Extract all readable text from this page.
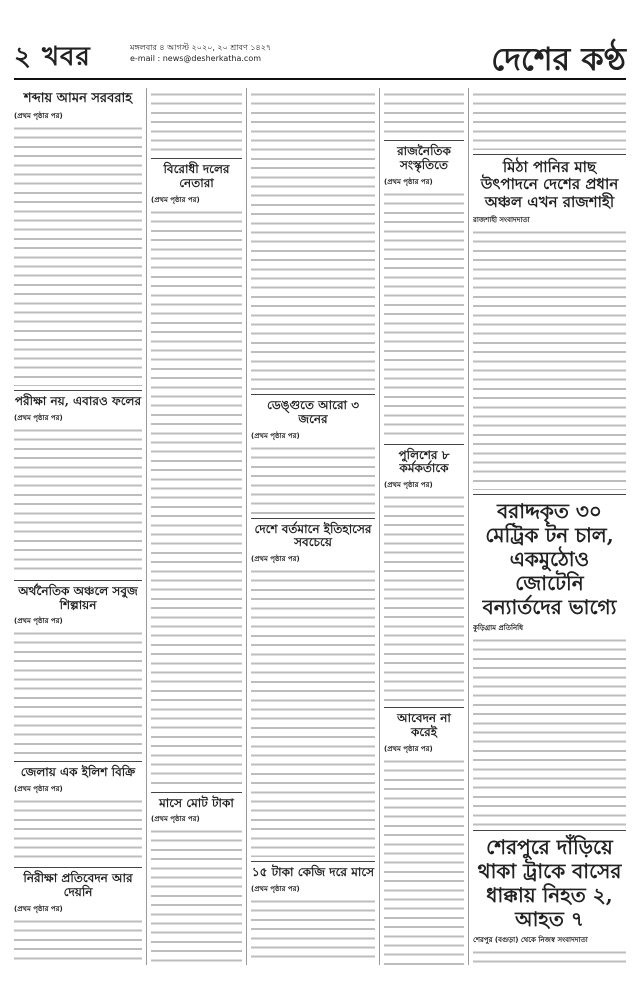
২ খবর	মঙ্গলবার ৪ আগস্ট ২০২০, ২০ শ্রাবণ ১৪২৭
e-mail : news@desherkatha.com	দেশের কণ্ঠ
শব্দায় আমন সরবরাহ
(প্রথম পৃষ্ঠার পর)
পরীক্ষা নয়, এবারও ফলের
(প্রথম পৃষ্ঠার পর)
অর্থনৈতিক অঞ্চলে সবুজ শিল্পায়ন
(প্রথম পৃষ্ঠার পর)
জেলায় এক ইলিশ বিক্রি
(প্রথম পৃষ্ঠার পর)
নিরীক্ষা প্রতিবেদন আর দেয়নি
(প্রথম পৃষ্ঠার পর)
বিরোধী দলের নেতারা
(প্রথম পৃষ্ঠার পর)
মাসে মোট টাকা
(প্রথম পৃষ্ঠার পর)
ডেঙ্গুতে আরো ৩ জনের
(প্রথম পৃষ্ঠার পর)
দেশে বর্তমানে ইতিহাসের সবচেয়ে
(প্রথম পৃষ্ঠার পর)
১৫ টাকা কেজি দরে মাসে
(প্রথম পৃষ্ঠার পর)
রাজনৈতিক সংস্কৃতিতে
(প্রথম পৃষ্ঠার পর)
পুলিশের ৮ কর্মকর্তাকে
(প্রথম পৃষ্ঠার পর)
আবেদন না করেই
(প্রথম পৃষ্ঠার পর)
মিঠা পানির মাছ উৎপাদনে দেশের প্রধান অঞ্চল এখন রাজশাহী
রাজশাহী সংবাদদাতা
বরাদ্দকৃত ৩০ মেট্রিক টন চাল, একমুঠোও জোটেনি বন্যার্তদের ভাগ্যে
কুড়িগ্রাম প্রতিনিধি
শেরপুরে দাঁড়িয়ে থাকা ট্রাকে বাসের ধাক্কায় নিহত ২, আহত ৭
শেরপুর (বগুড়া) থেকে নিজস্ব সংবাদদাতা
